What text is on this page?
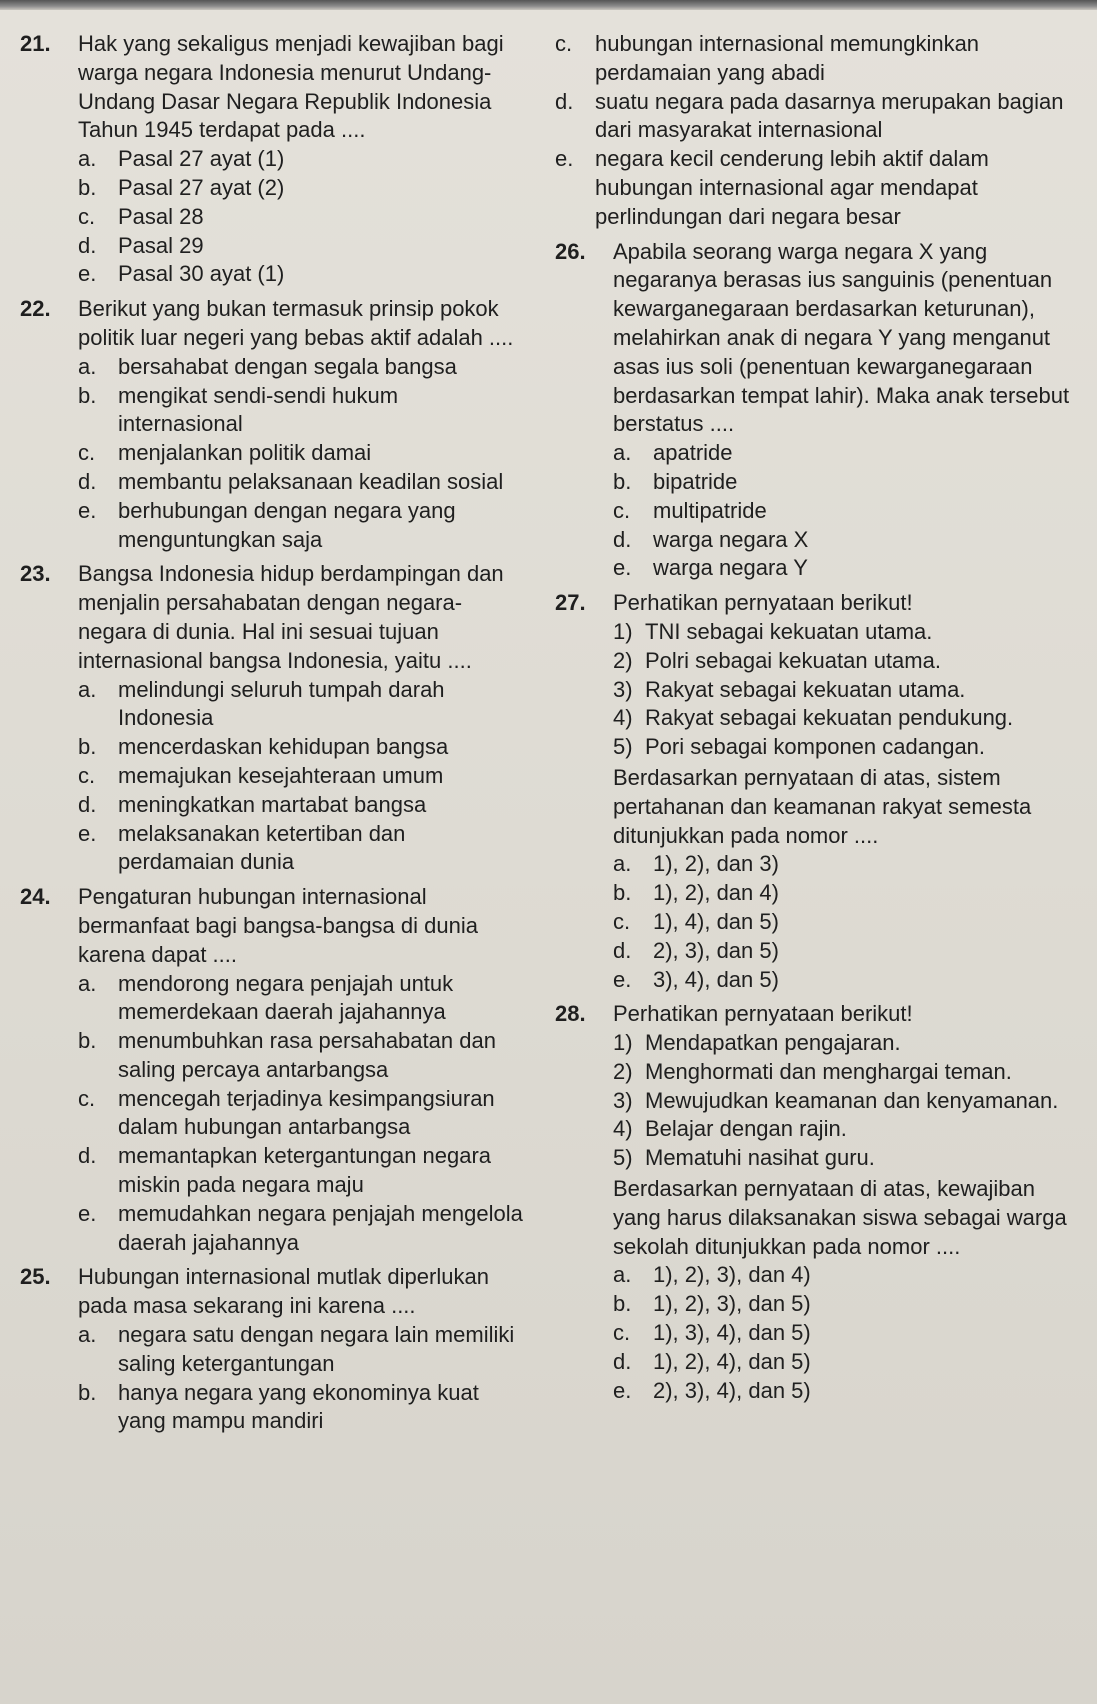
21.	Hak yang sekaligus menjadi kewajiban bagi warga negara Indonesia menurut Undang-Undang Dasar Negara Republik Indonesia Tahun 1945 terdapat pada ....
a. Pasal 27 ayat (1)
b. Pasal 27 ayat (2)
c.	Pasal 28
d. Pasal 29
e. Pasal 30 ayat (1)
22.	Berikut yang bukan termasuk prinsip pokok politik luar negeri yang bebas aktif adalah ....
a. bersahabat dengan segala bangsa
b. mengikat sendi-sendi hukum internasional
c.	menjalankan politik damai
d. membantu pelaksanaan keadilan sosial
e. berhubungan dengan negara yang menguntungkan saja
23.	Bangsa Indonesia hidup berdampingan dan menjalin persahabatan dengan negara-negara di dunia. Hal ini sesuai tujuan internasional bangsa Indonesia, yaitu ....
a. melindungi seluruh tumpah darah Indonesia
b. mencerdaskan kehidupan bangsa
c.	memajukan kesejahteraan umum
d. meningkatkan martabat bangsa
e. melaksanakan ketertiban dan perdamaian dunia
24.	Pengaturan hubungan internasional bermanfaat bagi bangsa-bangsa di dunia karena dapat ....
a. mendorong negara penjajah untuk memerdekaan daerah jajahannya
b. menumbuhkan rasa persahabatan dan saling percaya antarbangsa
c.	mencegah terjadinya kesimpangsiuran dalam hubungan antarbangsa
d. memantapkan ketergantungan negara miskin pada negara maju
e. memudahkan negara penjajah mengelola daerah jajahannya
25.	Hubungan internasional mutlak diperlukan pada masa sekarang ini karena ....
a. negara satu dengan negara lain memiliki saling ketergantungan
b. hanya negara yang ekonominya kuat yang mampu mandiri
c.	hubungan internasional memungkinkan perdamaian yang abadi
d. suatu negara pada dasarnya merupakan bagian dari masyarakat internasional
e. negara kecil cenderung lebih aktif dalam hubungan internasional agar mendapat perlindungan dari negara besar
26.	Apabila seorang warga negara X yang negaranya berasas ius sanguinis (penentuan kewarganegaraan berdasarkan keturunan), melahirkan anak di negara Y yang menganut asas ius soli (penentuan kewarganegaraan berdasarkan tempat lahir). Maka anak tersebut berstatus ....
a. apatride
b. bipatride
c.	multipatride
d. warga negara X
e. warga negara Y
27.	Perhatikan pernyataan berikut!
1) TNI sebagai kekuatan utama.
2) Polri sebagai kekuatan utama.
3) Rakyat sebagai kekuatan utama.
4) Rakyat sebagai kekuatan pendukung.
5) Pori sebagai komponen cadangan.
Berdasarkan pernyataan di atas, sistem pertahanan dan keamanan rakyat semesta ditunjukkan pada nomor ....
a. 1), 2), dan 3)
b. 1), 2), dan 4)
c.	1), 4), dan 5)
d. 2), 3), dan 5)
e. 3), 4), dan 5)
28.	Perhatikan pernyataan berikut!
1) Mendapatkan pengajaran.
2) Menghormati dan menghargai teman.
3) Mewujudkan keamanan dan kenyamanan.
4) Belajar dengan rajin.
5) Mematuhi nasihat guru.
Berdasarkan pernyataan di atas, kewajiban yang harus dilaksanakan siswa sebagai warga sekolah ditunjukkan pada nomor ....
a. 1), 2), 3), dan 4)
b. 1), 2), 3), dan 5)
c.	1), 3), 4), dan 5)
d. 1), 2), 4), dan 5)
e. 2), 3), 4), dan 5)
